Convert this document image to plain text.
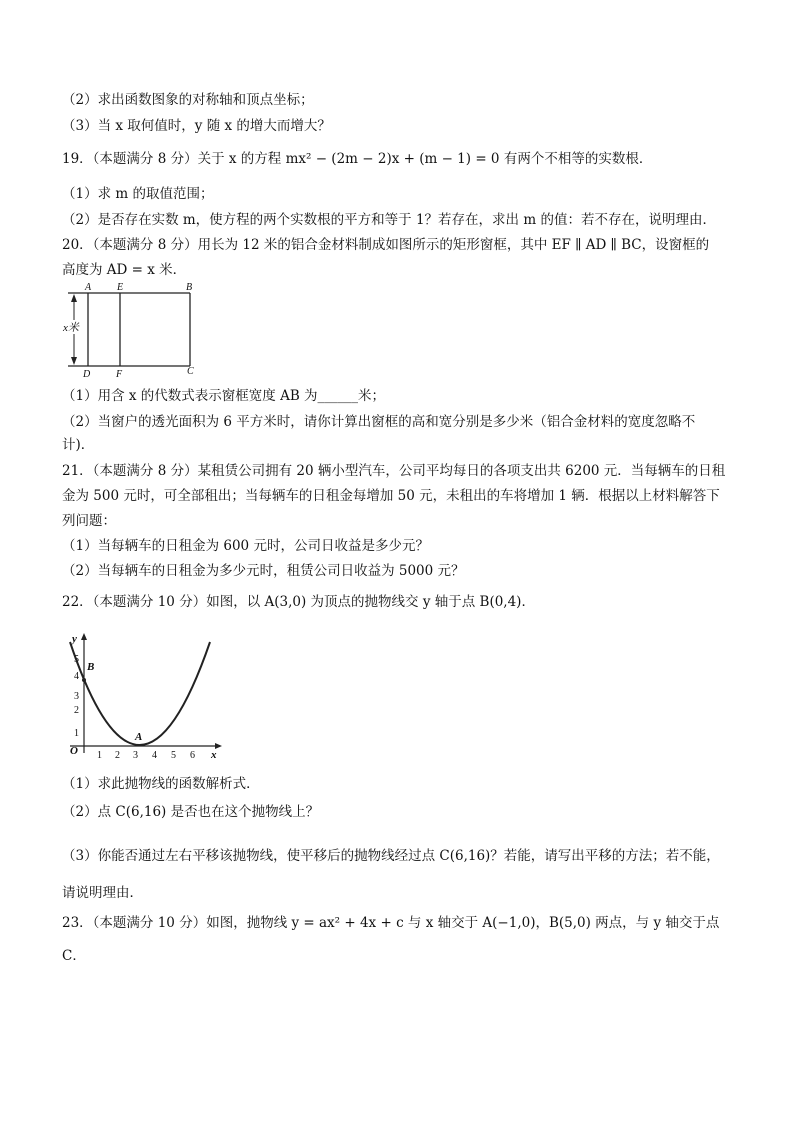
（2）求出函数图象的对称轴和顶点坐标；
（3）当 x 取何值时，y 随 x 的增大而增大？
19．（本题满分 8 分）关于 x 的方程 mx² − (2m − 2)x + (m − 1) = 0 有两个不相等的实数根．
（1）求 m 的取值范围；
（2）是否存在实数 m，使方程的两个实数根的平方和等于 1？若存在，求出 m 的值：若不存在，说明理由．
20．（本题满分 8 分）用长为 12 米的铝合金材料制成如图所示的矩形窗框，其中 EF ∥ AD ∥ BC，设窗框的
高度为 AD = x 米．
x米
A	E	B
D	F	C
（1）用含 x 的代数式表示窗框宽度 AB 为______米；
（2）当窗户的透光面积为 6 平方米时，请你计算出窗框的高和宽分别是多少米（铝合金材料的宽度忽略不
计)．
21．（本题满分 8 分）某租赁公司拥有 20 辆小型汽车，公司平均每日的各项支出共 6200 元．当每辆车的日租
金为 500 元时，可全部租出；当每辆车的日租金每增加 50 元，未租出的车将增加 1 辆．根据以上材料解答下
列问题：
（1）当每辆车的日租金为 600 元时，公司日收益是多少元？
（2）当每辆车的日租金为多少元时，租赁公司日收益为 5000 元？
22．（本题满分 10 分）如图，以 A(3,0) 为顶点的抛物线交 y 轴于点 B(0,4)．
y
x
O 1 2 3 4 5 6
1
2
3
4
5
B
A
（1）求此抛物线的函数解析式．
（2）点 C(6,16) 是否也在这个抛物线上？
（3）你能否通过左右平移该抛物线，使平移后的抛物线经过点 C(6,16)？若能，请写出平移的方法；若不能，
请说明理由．
23．（本题满分 10 分）如图，抛物线 y = ax² + 4x + c 与 x 轴交于 A(−1,0)，B(5,0) 两点，与 y 轴交于点
C．
